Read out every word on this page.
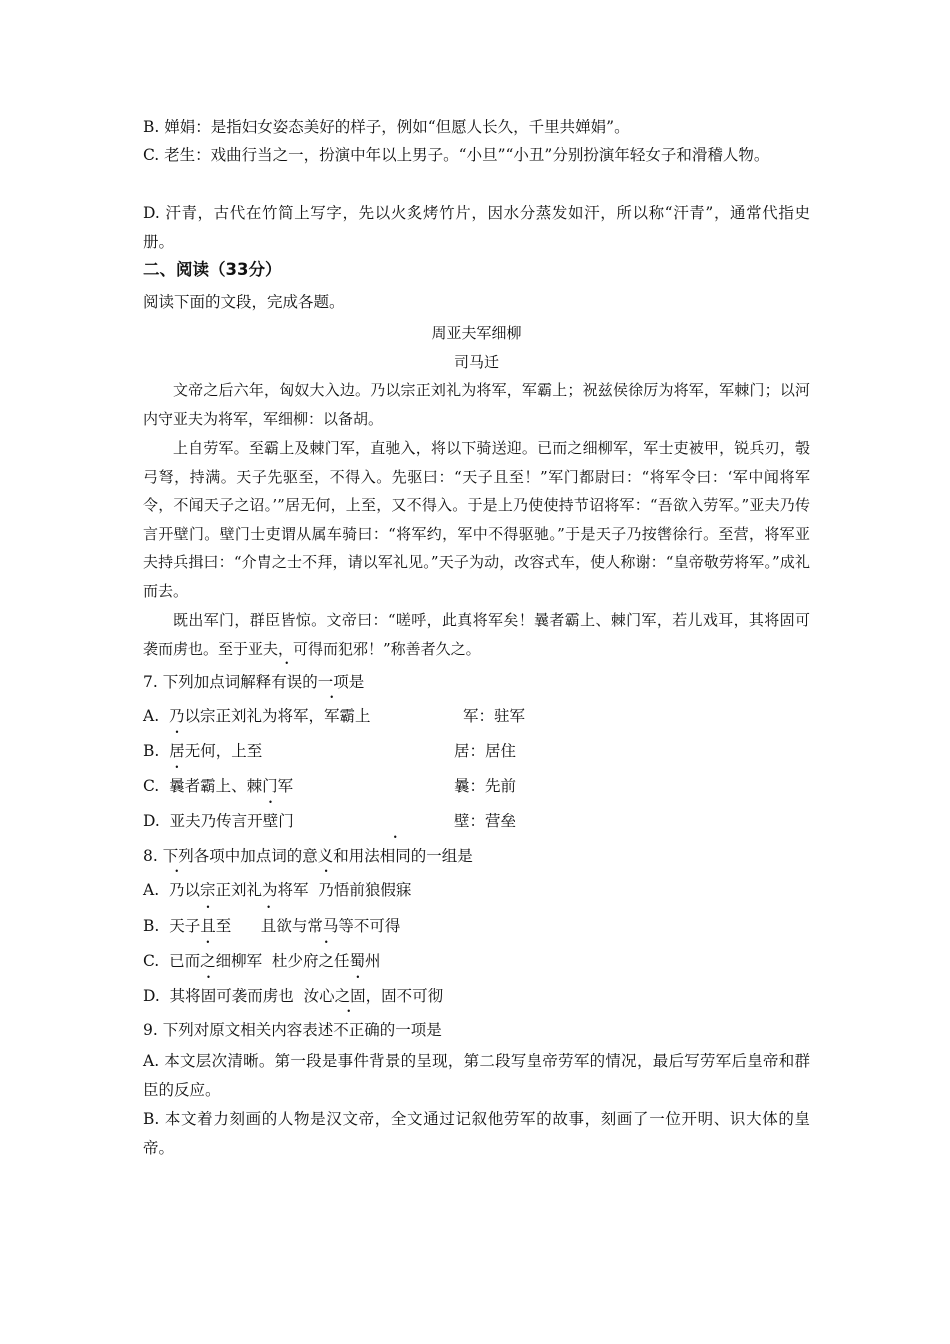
B. 婵娟：是指妇女姿态美好的样子，例如“但愿人长久，千里共婵娟”。
C. 老生：戏曲行当之一，扮演中年以上男子。“小旦”“小丑”分别扮演年轻女子和滑稽人物。
D. 汗青，古代在竹简上写字，先以火炙烤竹片，因水分蒸发如汗，所以称“汗青”，通常代指史册。
二、阅读（33分）
阅读下面的文段，完成各题。
周亚夫军细柳
司马迁

文帝之后六年，匈奴大入边。乃以宗正刘礼为将军，军霸上；祝兹侯徐厉为将军，军棘门；以河内守亚夫为将军，军细柳：以备胡。

上自劳军。至霸上及棘门军，直驰入，将以下骑送迎。已而之细柳军，军士吏被甲，锐兵刃，彀弓弩，持满。天子先驱至，不得入。先驱曰：“天子且至！”军门都尉曰：“将军令曰：‘军中闻将军令，不闻天子之诏。’”居无何，上至，又不得入。于是上乃使使持节诏将军：“吾欲入劳军。”亚夫乃传言开壁门。壁门士吏谓从属车骑曰：“将军约，军中不得驱驰。”于是天子乃按辔徐行。至营，将军亚夫持兵揖曰：“介胄之士不拜，请以军礼见。”天子为动，改容式车，使人称谢：“皇帝敬劳将军。”成礼而去。

既出军门，群臣皆惊。文帝曰：“嗟呼，此真将军矣！曩者霸上、棘门军，若儿戏耳，其将固可袭而虏也。至于亚夫，可得而犯邪！”称善者久之。

7. 下列加点词解释有误的一项是
A. 乃以宗正刘礼为将军，军霸上	军：驻军
B. 居无何，上至	居：居住
C. 曩者霸上、棘门军	曩：先前
D. 亚夫乃传言开壁门	壁：营垒
8. 下列各项中加点词的意义和用法相同的一组是
A. 乃以宗正刘礼为将军 乃悟前狼假寐
B. 天子且至 且欲与常马等不可得
C. 已而之细柳军 杜少府之任蜀州
D. 其将固可袭而虏也 汝心之固，固不可彻
9. 下列对原文相关内容表述不正确的一项是
A. 本文层次清晰。第一段是事件背景的呈现，第二段写皇帝劳军的情况，最后写劳军后皇帝和群臣的反应。
B. 本文着力刻画的人物是汉文帝，全文通过记叙他劳军的故事，刻画了一位开明、识大体的皇帝。
